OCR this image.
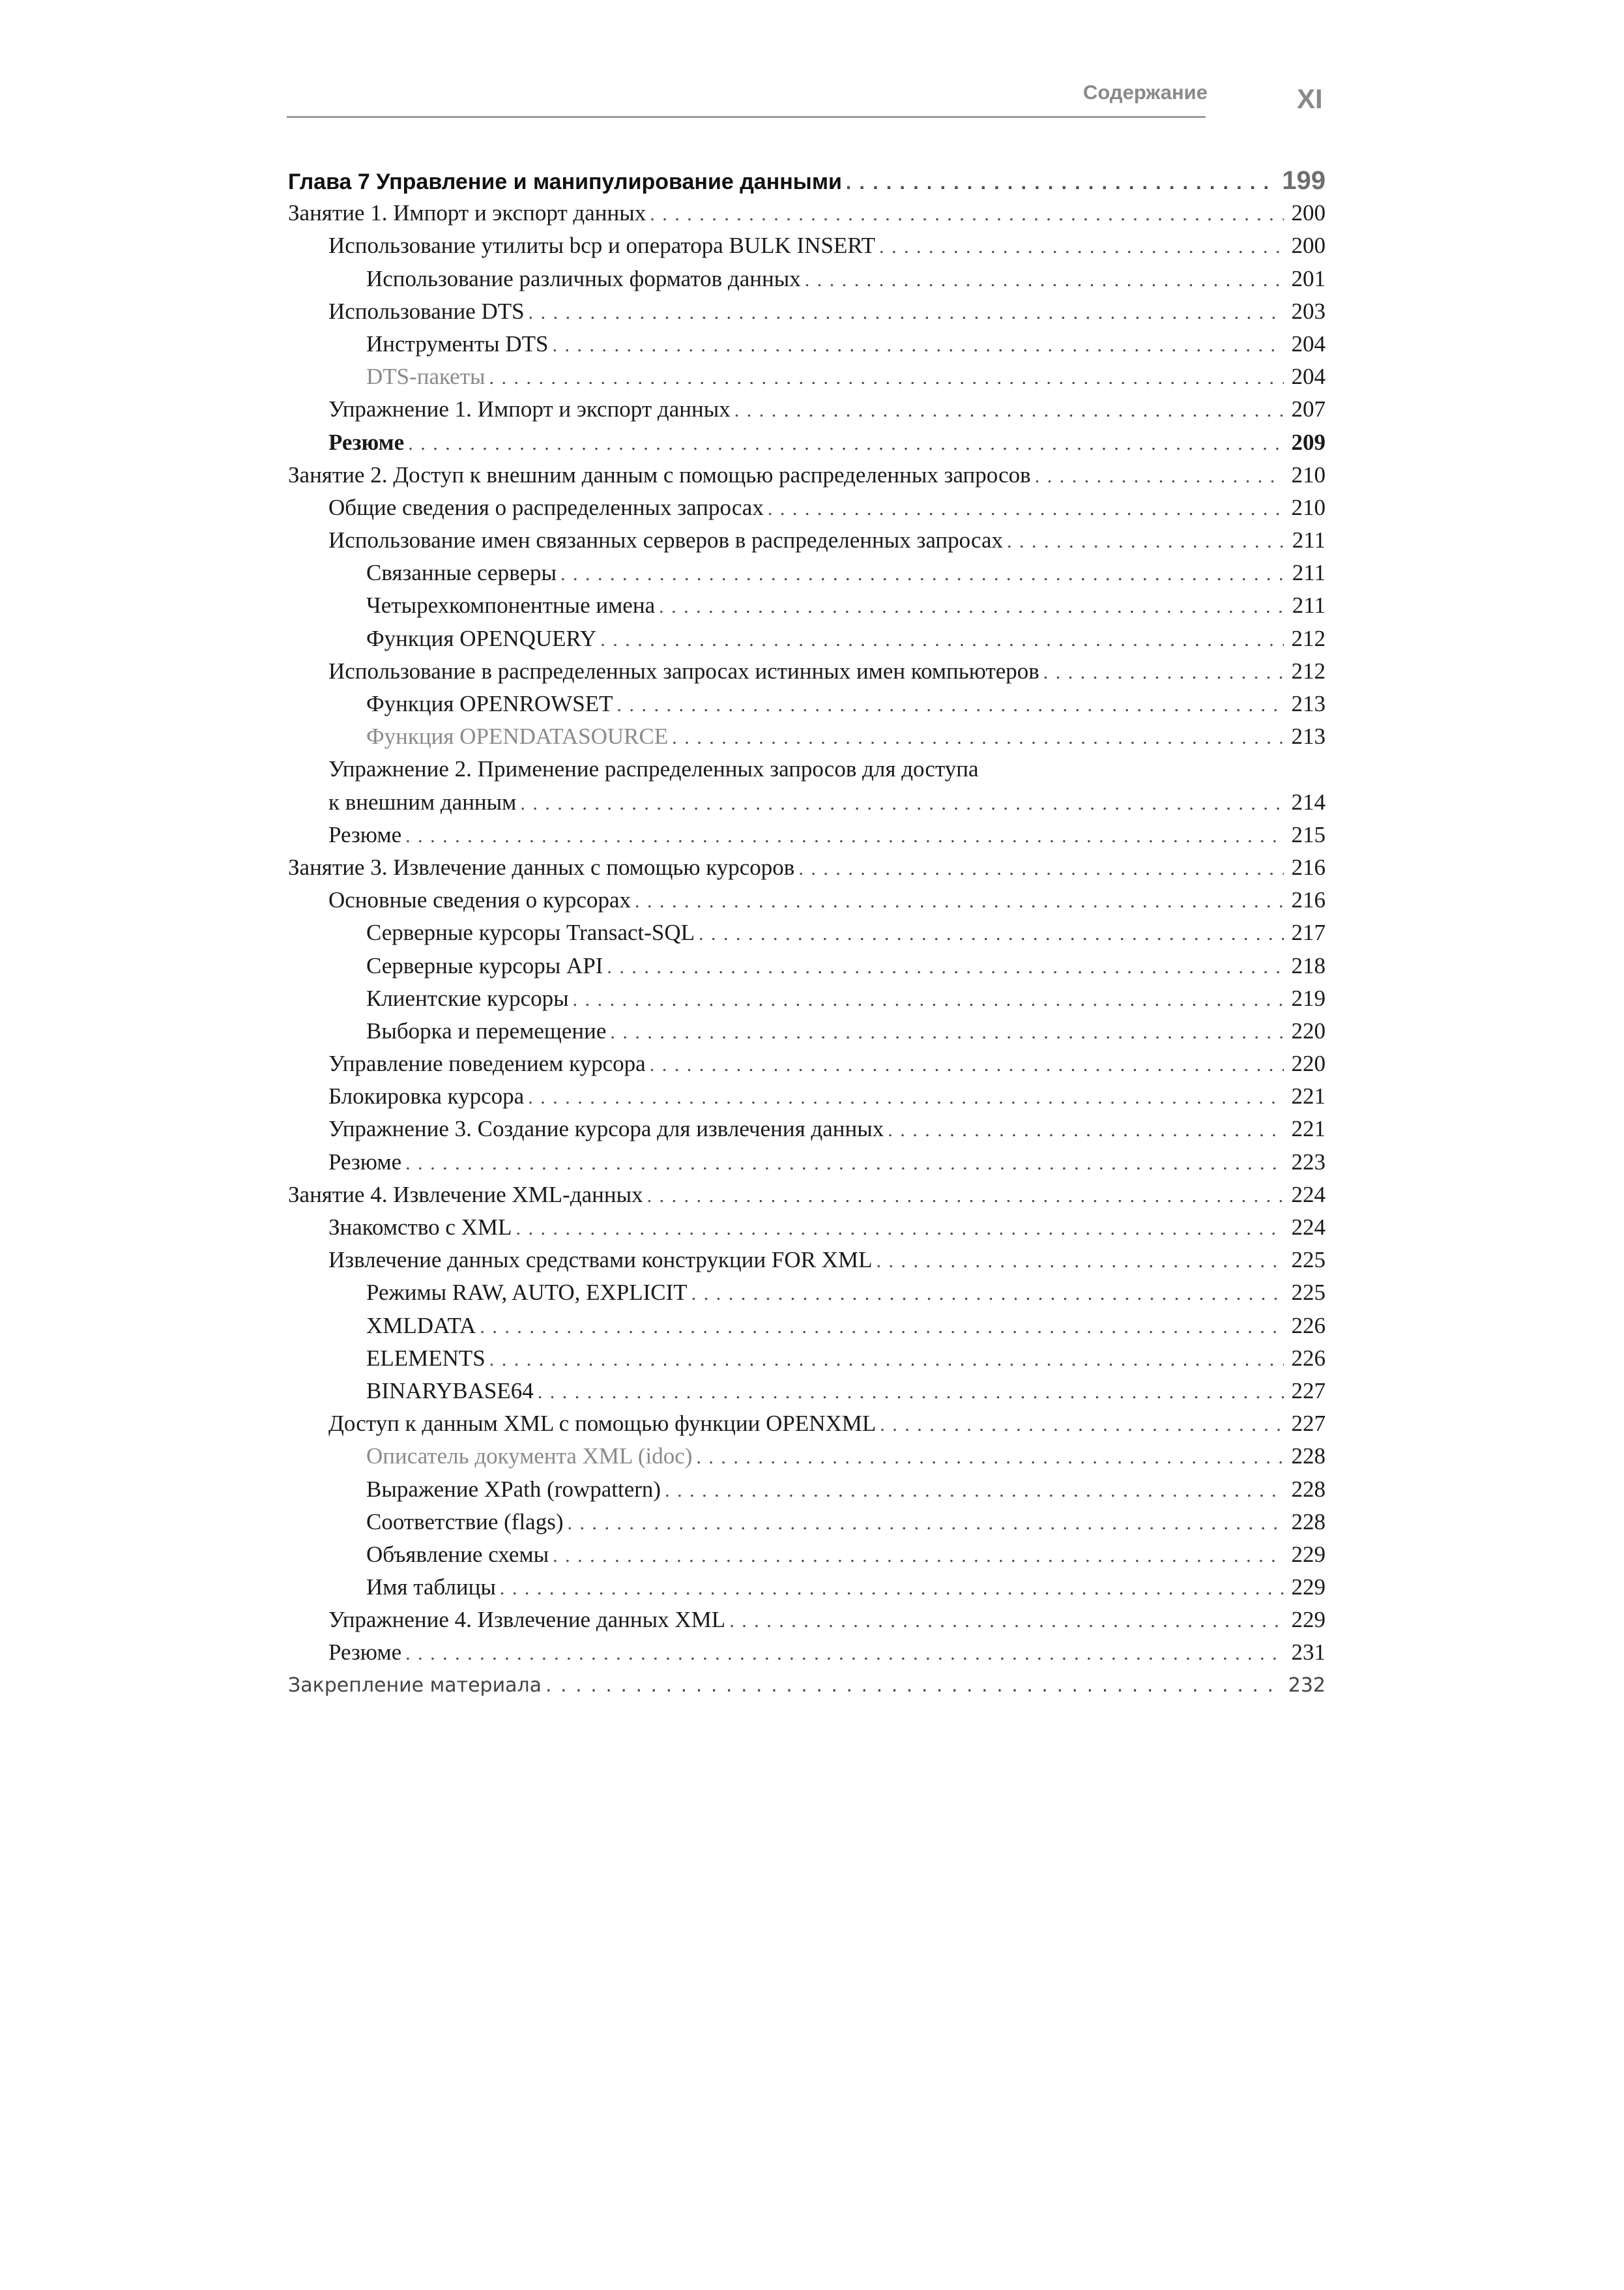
Содержание	XI
Глава 7 Управление и манипулирование данными . . .	199
Занятие 1. Импорт и экспорт данных . . .	200
Использование утилиты bcp и оператора BULK INSERT . . .	200
Использование различных форматов данных . . .	201
Использование DTS . . .	203
Инструменты DTS . . .	204
DTS-пакеты . . .	204
Упражнение 1. Импорт и экспорт данных . . .	207
Резюме . . .	209
Занятие 2. Доступ к внешним данным с помощью распределенных запросов . . .	210
Общие сведения о распределенных запросах . . .	210
Использование имен связанных серверов в распределенных запросах . . .	211
Связанные серверы . . .	211
Четырехкомпонентные имена . . .	211
Функция OPENQUERY . . .	212
Использование в распределенных запросах истинных имен компьютеров . . .	212
Функция OPENROWSET . . .	213
Функция OPENDATASOURCE . . .	213
Упражнение 2. Применение распределенных запросов для доступа
к внешним данным . . .	214
Резюме . . .	215
Занятие 3. Извлечение данных с помощью курсоров . . .	216
Основные сведения о курсорах . . .	216
Серверные курсоры Transact-SQL . . .	217
Серверные курсоры API . . .	218
Клиентские курсоры . . .	219
Выборка и перемещение . . .	220
Управление поведением курсора . . .	220
Блокировка курсора . . .	221
Упражнение 3. Создание курсора для извлечения данных . . .	221
Резюме . . .	223
Занятие 4. Извлечение XML-данных . . .	224
Знакомство с XML . . .	224
Извлечение данных средствами конструкции FOR XML . . .	225
Режимы RAW, AUTO, EXPLICIT . . .	225
XMLDATA . . .	226
ELEMENTS . . .	226
BINARYBASE64 . . .	227
Доступ к данным XML с помощью функции OPENXML . . .	227
Описатель документа XML (idoc) . . .	228
Выражение XPath (rowpattern) . . .	228
Соответствие (flags) . . .	228
Объявление схемы . . .	229
Имя таблицы . . .	229
Упражнение 4. Извлечение данных XML . . .	229
Резюме . . .	231
Закрепление материала . . .	232
